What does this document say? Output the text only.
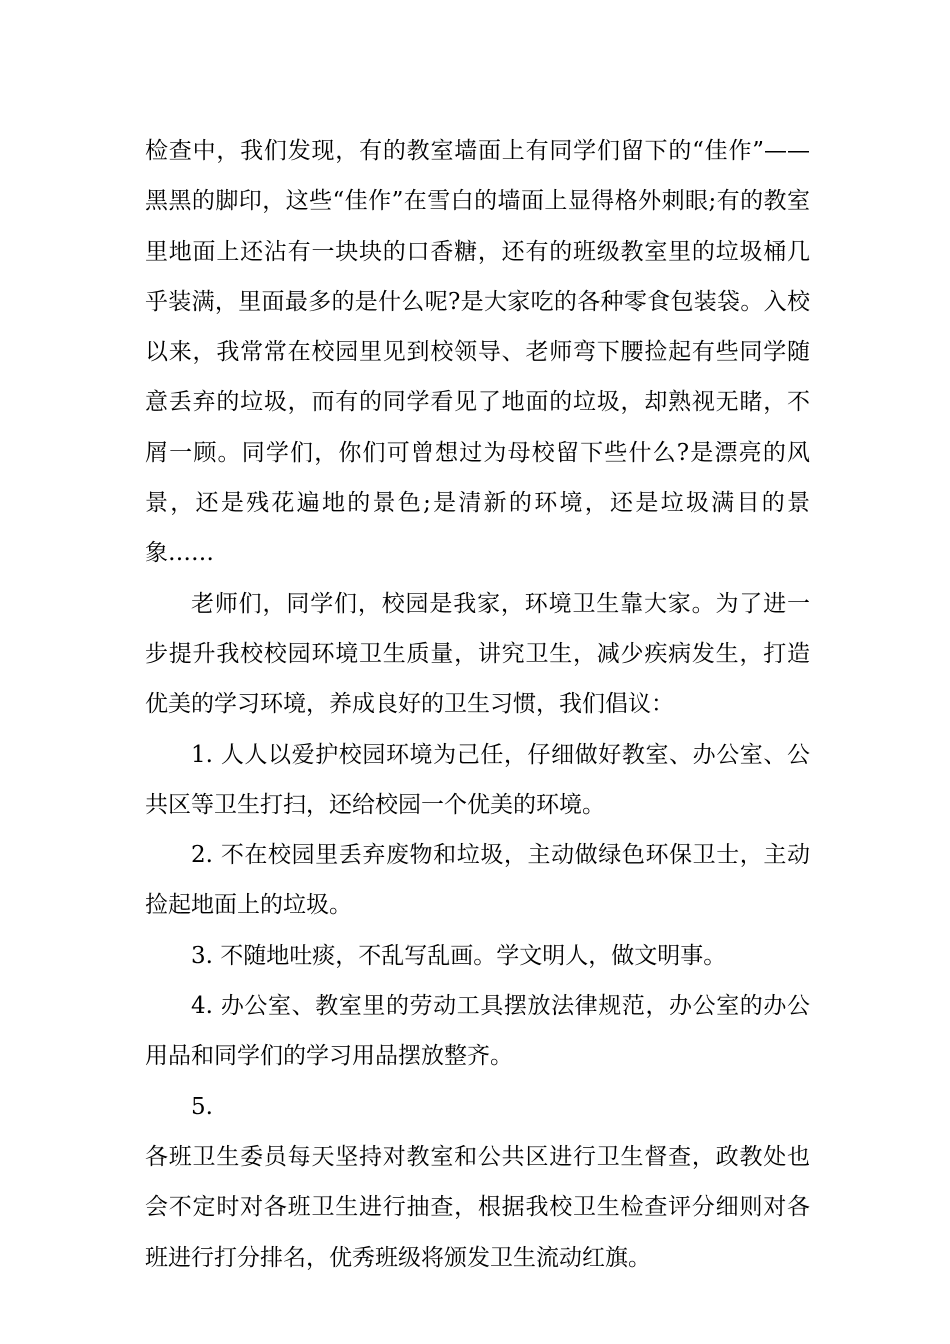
检查中，我们发现，有的教室墙面上有同学们留下的“佳作”——黑黑的脚印，这些“佳作”在雪白的墙面上显得格外刺眼;有的教室里地面上还沾有一块块的口香糖，还有的班级教室里的垃圾桶几乎装满，里面最多的是什么呢?是大家吃的各种零食包装袋。入校以来，我常常在校园里见到校领导、老师弯下腰捡起有些同学随意丢弃的垃圾，而有的同学看见了地面的垃圾，却熟视无睹，不屑一顾。同学们，你们可曾想过为母校留下些什么?是漂亮的风景，还是残花遍地的景色;是清新的环境，还是垃圾满目的景象……

老师们，同学们，校园是我家，环境卫生靠大家。为了进一步提升我校校园环境卫生质量，讲究卫生，减少疾病发生，打造优美的学习环境，养成良好的卫生习惯，我们倡议：

1. 人人以爱护校园环境为己任，仔细做好教室、办公室、公共区等卫生打扫，还给校园一个优美的环境。

2. 不在校园里丢弃废物和垃圾，主动做绿色环保卫士，主动捡起地面上的垃圾。

3. 不随地吐痰，不乱写乱画。学文明人，做文明事。

4. 办公室、教室里的劳动工具摆放法律规范，办公室的办公用品和同学们的学习用品摆放整齐。

5.

各班卫生委员每天坚持对教室和公共区进行卫生督查，政教处也会不定时对各班卫生进行抽查，根据我校卫生检查评分细则对各班进行打分排名，优秀班级将颁发卫生流动红旗。
